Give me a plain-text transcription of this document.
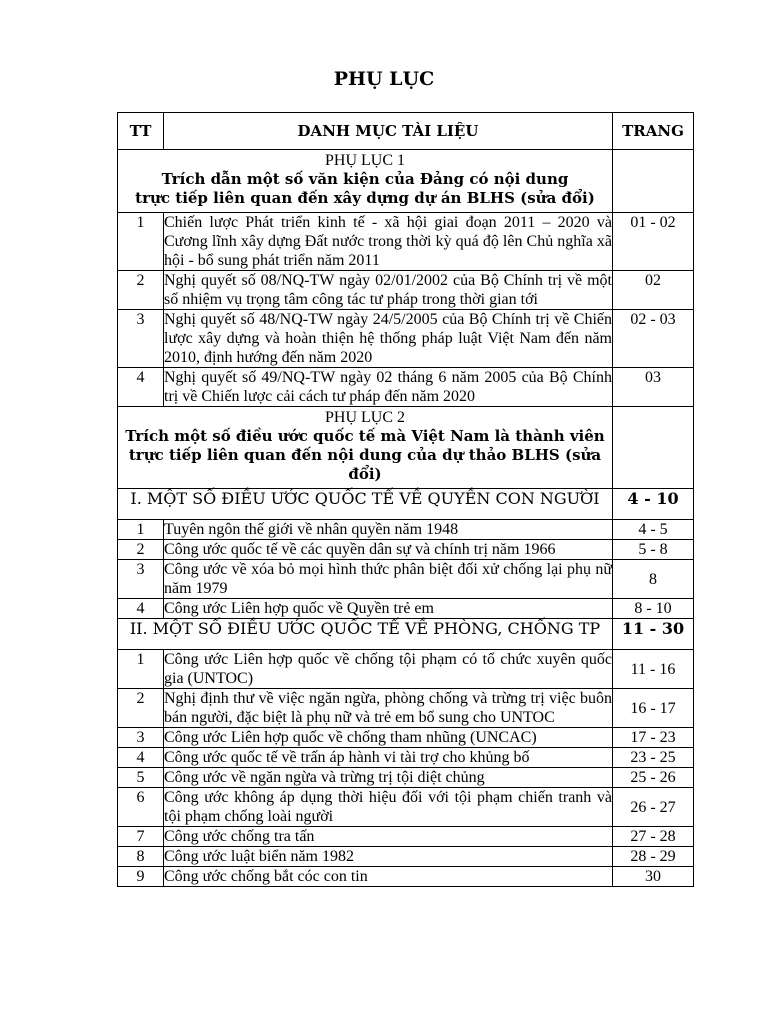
PHỤ LỤC
TT	DANH MỤC TÀI LIỆU	TRANG

PHỤ LỤC 1
Trích dẫn một số văn kiện của Đảng có nội dung
trực tiếp liên quan đến xây dựng dự án BLHS (sửa đổi)		

1	Chiến lược Phát triển kinh tế - xã hội giai đoạn 2011 – 2020 và Cương lĩnh xây dựng Đất nước trong thời kỳ quá độ lên Chủ nghĩa xã hội - bổ sung phát triển năm 2011	01 - 02
2	Nghị quyết số 08/NQ-TW ngày 02/01/2002 của Bộ Chính trị về một số nhiệm vụ trọng tâm công tác tư pháp trong thời gian tới	02
3	Nghị quyết số 48/NQ-TW ngày 24/5/2005 của Bộ Chính trị về Chiến lược xây dựng và hoàn thiện hệ thống pháp luật Việt Nam đến năm 2010, định hướng đến năm 2020	02 - 03
4	Nghị quyết số 49/NQ-TW ngày 02 tháng 6 năm 2005 của Bộ Chính trị về Chiến lược cải cách tư pháp đến năm 2020	03

PHỤ LỤC 2
Trích một số điều ước quốc tế mà Việt Nam là thành viên
trực tiếp liên quan đến nội dung của dự thảo BLHS (sửa đổi)		

I. MỘT SỐ ĐIỀU ƯỚC QUỐC TẾ VỀ QUYỀN CON NGƯỜI		4 - 10
1	Tuyên ngôn thế giới về nhân quyền năm 1948	4 - 5
2	Công ước quốc tế về các quyền dân sự và chính trị năm 1966	5 - 8
3	Công ước về xóa bỏ mọi hình thức phân biệt đối xử chống lại phụ nữ năm 1979	8
4	Công ước Liên hợp quốc về Quyền trẻ em	8 - 10
II. MỘT SỐ ĐIỀU ƯỚC QUỐC TẾ VỀ PHÒNG, CHỐNG TP		11 - 30
1	Công ước Liên hợp quốc về chống tội phạm có tổ chức xuyên quốc gia (UNTOC)	11 - 16
2	Nghị định thư về việc ngăn ngừa, phòng chống và trừng trị việc buôn bán người, đặc biệt là phụ nữ và trẻ em bổ sung cho UNTOC	16 - 17
3	Công ước Liên hợp quốc về chống tham nhũng (UNCAC)	17 - 23
4	Công ước quốc tế về trấn áp hành vi tài trợ cho khủng bố	23 - 25
5	Công ước về ngăn ngừa và trừng trị tội diệt chủng	25 - 26
6	Công ước không áp dụng thời hiệu đối với tội phạm chiến tranh và tội phạm chống loài người	26 - 27
7	Công ước chống tra tấn	27 - 28
8	Công ước luật biển năm 1982	28 - 29
9	Công ước chống bắt cóc con tin	30
